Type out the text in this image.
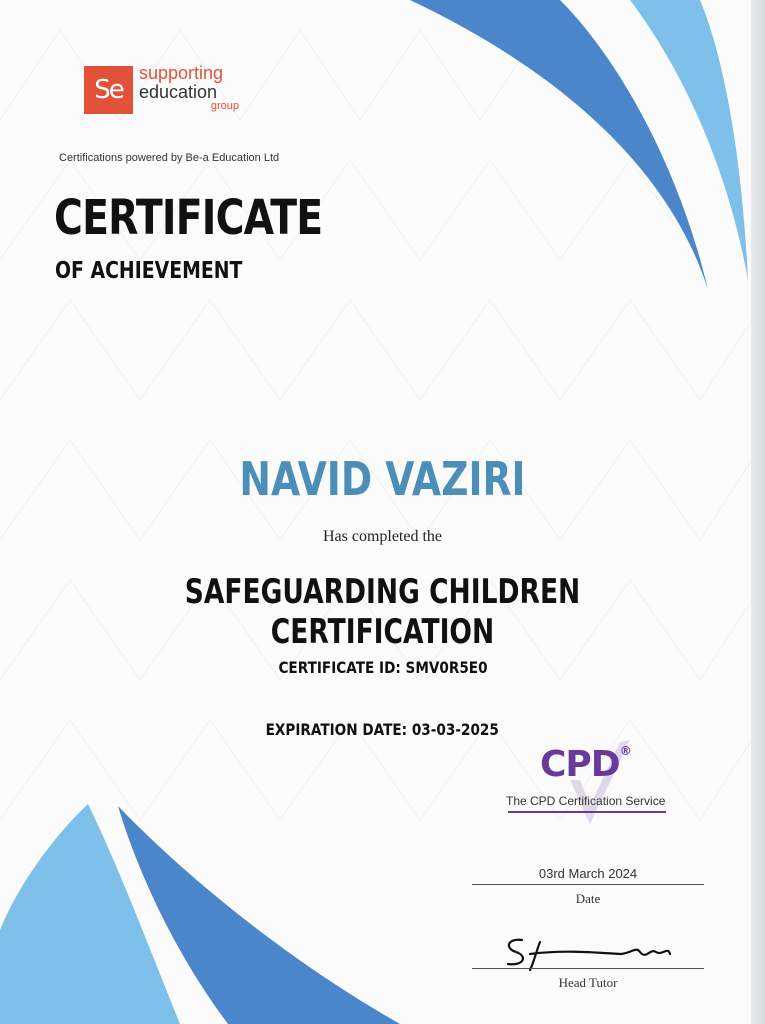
Se
supporting
education
group
Certifications powered by Be-a Education Ltd
CERTIFICATE
OF ACHIEVEMENT
NAVID VAZIRI
Has completed the
SAFEGUARDING CHILDREN CERTIFICATION
CERTIFICATE ID: SMV0R5E0
EXPIRATION DATE: 03-03-2025
CPD®
The CPD Certification Service
03rd March 2024
Date
Head Tutor
